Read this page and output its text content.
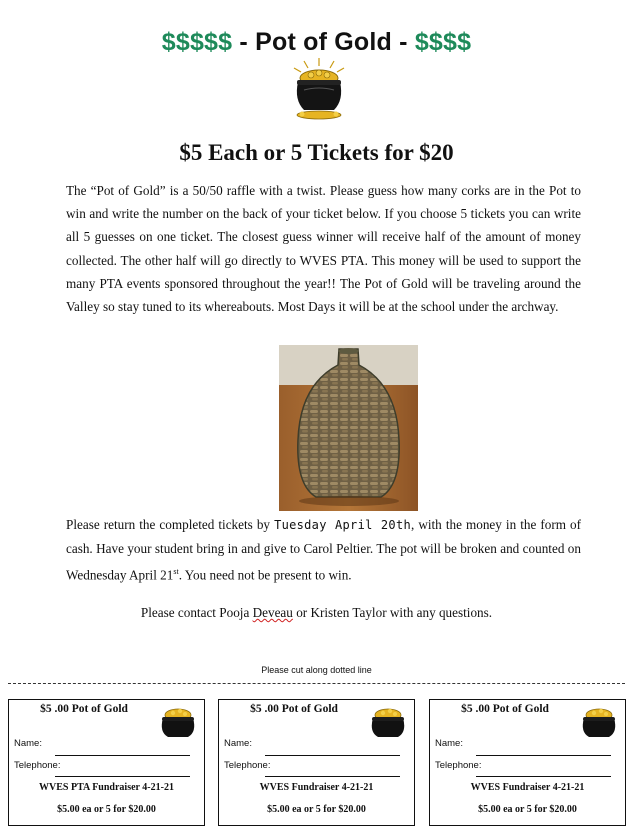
$$$$$ - Pot of Gold - $$$$
$5 Each or 5 Tickets for $20

The “Pot of Gold” is a 50/50 raffle with a twist. Please guess how many corks are in the Pot to win and write the number on the back of your ticket below. If you choose 5 tickets you can write all 5 guesses on one ticket. The closest guess winner will receive half of the amount of money collected. The other half will go directly to WVES PTA. This money will be used to support the many PTA events sponsored throughout the year!! The Pot of Gold will be traveling around the Valley so stay tuned to its whereabouts. Most Days it will be at the school under the archway.

Please return the completed tickets by Tuesday April 20th, with the money in the form of cash. Have your student bring in and give to Carol Peltier. The pot will be broken and counted on Wednesday April 21st. You need not be present to win.

Please contact Pooja Deveau or Kristen Taylor with any questions.
Please cut along dotted line
$5 .00 Pot of Gold
Name:
Telephone:
WVES PTA Fundraiser 4-21-21
$5.00 ea or 5 for $20.00
$5 .00 Pot of Gold
Name:
Telephone:
WVES Fundraiser 4-21-21
$5.00 ea or 5 for $20.00
$5 .00 Pot of Gold
Name:
Telephone:
WVES Fundraiser 4-21-21
$5.00 ea or 5 for $20.00
